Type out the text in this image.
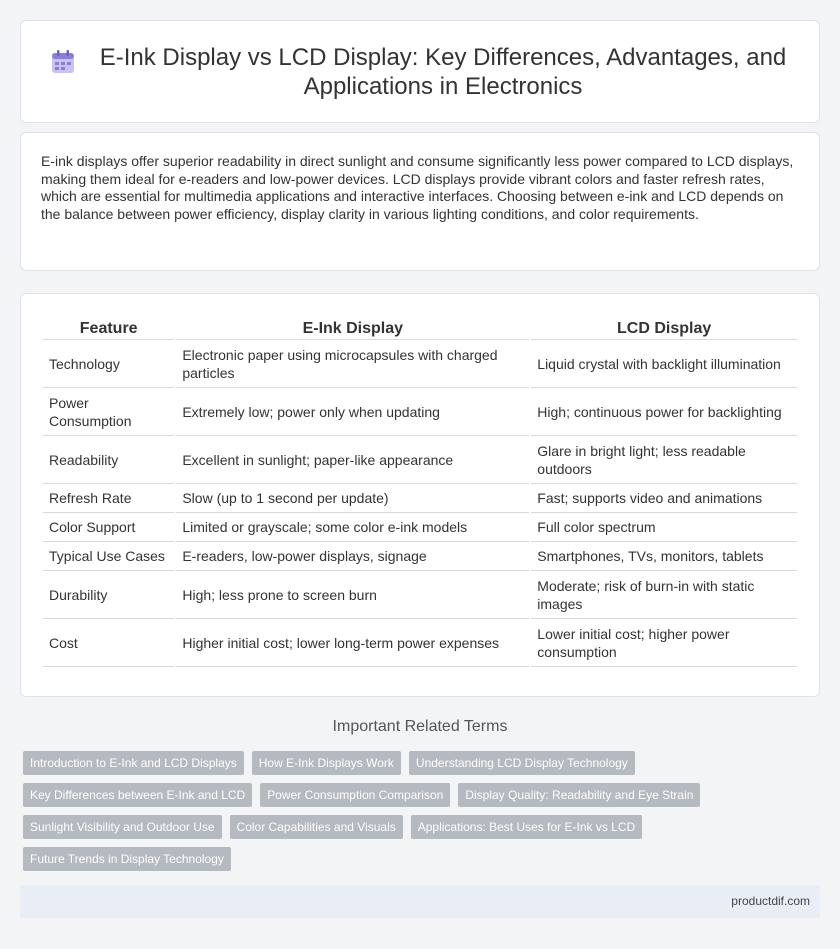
E-Ink Display vs LCD Display: Key Differences, Advantages, and Applications in Electronics

E-ink displays offer superior readability in direct sunlight and consume significantly less power compared to LCD displays, making them ideal for e-readers and low-power devices. LCD displays provide vibrant colors and faster refresh rates, which are essential for multimedia applications and interactive interfaces. Choosing between e-ink and LCD depends on the balance between power efficiency, display clarity in various lighting conditions, and color requirements.

Feature	E-Ink Display	LCD Display
Technology	Electronic paper using microcapsules with charged particles	Liquid crystal with backlight illumination
Power Consumption	Extremely low; power only when updating	High; continuous power for backlighting
Readability	Excellent in sunlight; paper-like appearance	Glare in bright light; less readable outdoors
Refresh Rate	Slow (up to 1 second per update)	Fast; supports video and animations
Color Support	Limited or grayscale; some color e-ink models	Full color spectrum
Typical Use Cases	E-readers, low-power displays, signage	Smartphones, TVs, monitors, tablets
Durability	High; less prone to screen burn	Moderate; risk of burn-in with static images
Cost	Higher initial cost; lower long-term power expenses	Lower initial cost; higher power consumption
Important Related Terms
Introduction to E-Ink and LCD Displays	How E-Ink Displays Work	Understanding LCD Display Technology
Key Differences between E-Ink and LCD	Power Consumption Comparison	Display Quality: Readability and Eye Strain
Sunlight Visibility and Outdoor Use	Color Capabilities and Visuals	Applications: Best Uses for E-Ink vs LCD
Future Trends in Display Technology
productdif.com
